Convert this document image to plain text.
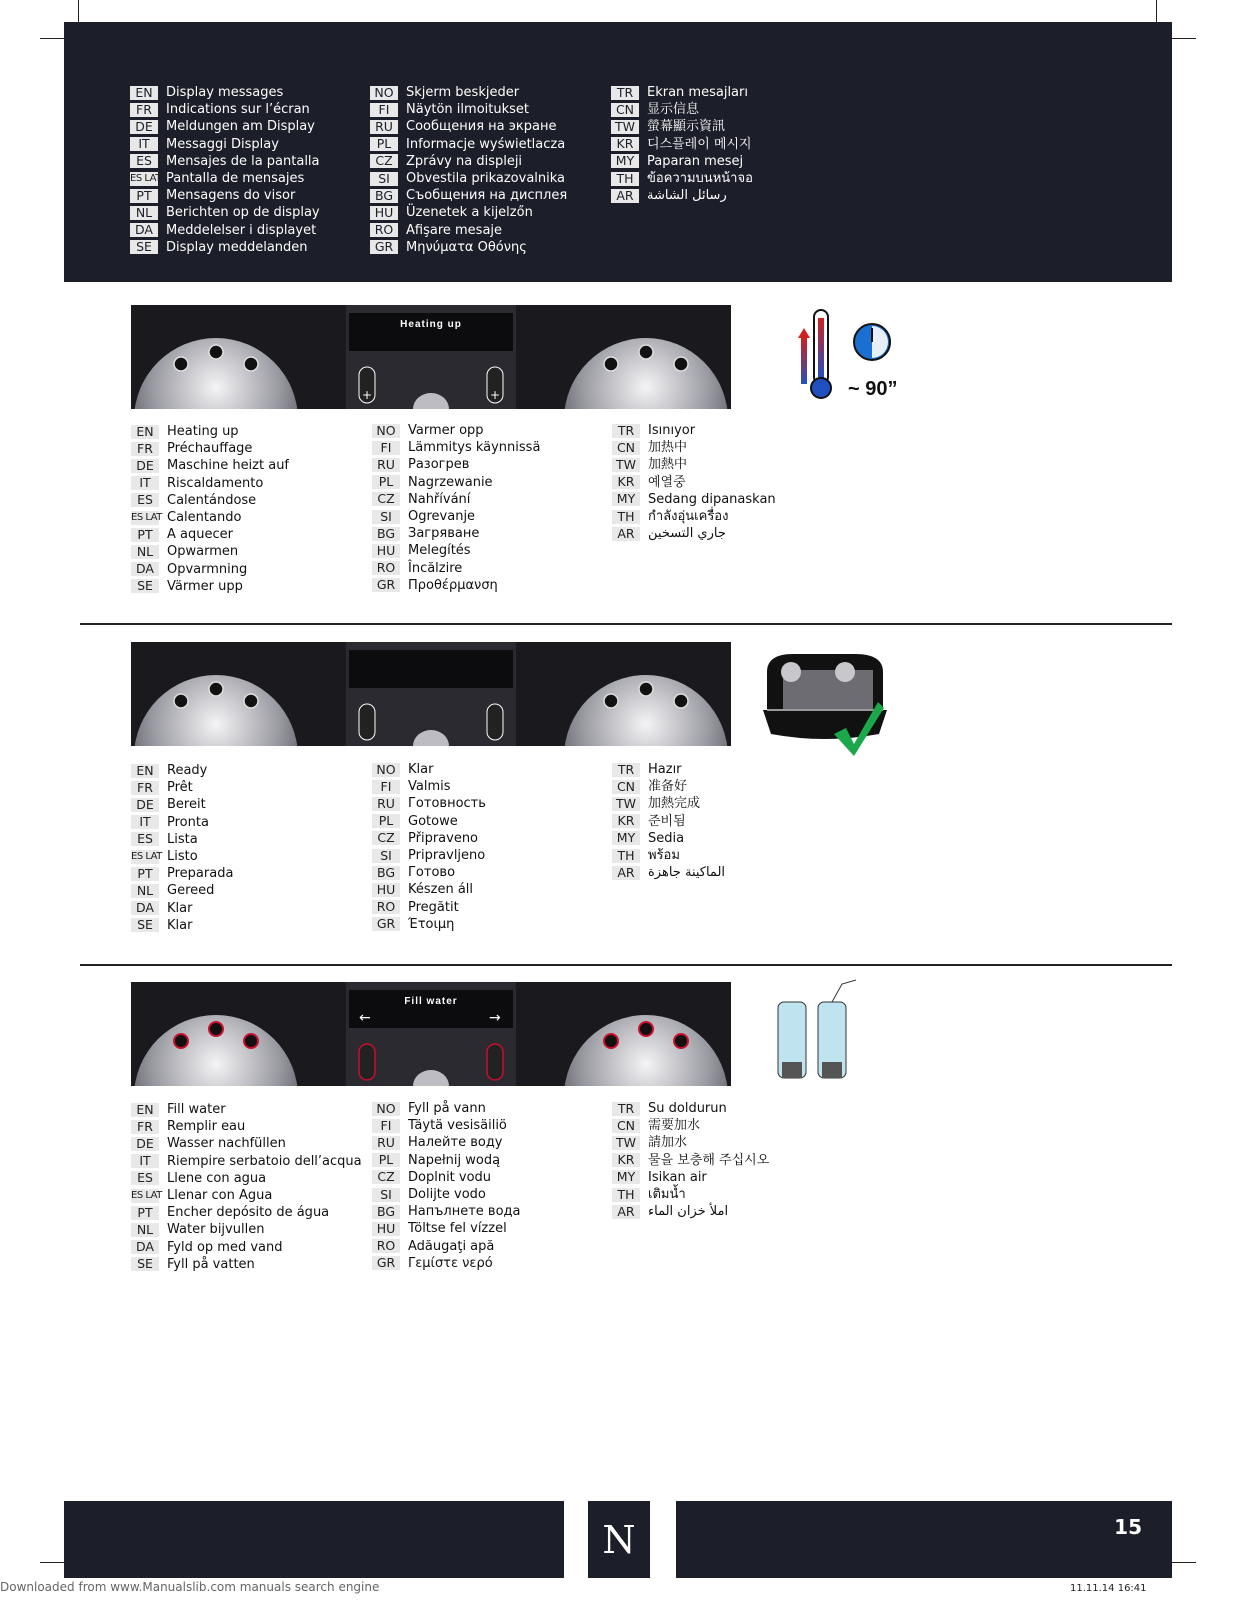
EN	Display messages
FR	Indications sur l’écran
DE	Meldungen am Display
IT	Messaggi Display
ES	Mensajes de la pantalla
ES LAT Pantalla de mensajes
PT	Mensagens do visor
NL	Berichten op de display
DA	Meddelelser i displayet
SE	Display meddelanden
NO Skjerm beskjeder
FI	Näytön ilmoitukset
RU	Сообщения на экране
PL	Informacje wyświetlacza
CZ	Zprávy na displeji
SI	Obvestila prikazovalnika
BG Съобщения на дисплея
HU Üzenetek a kijelzőn
RO Afişare mesaje
GR Μηνύματα Οθόνης
TR	Ekran mesajları
CN 显示信息
TW 螢幕顯示資訊
KR	디스플레이 메시지
MY Paparan mesej
TH	ข้อความบนหน้าจอ
AR	رسائل الشاشة
Heating up
+	+	~ 90”
EN	Heating up
FR	Préchauffage
DE	Maschine heizt auf
IT	Riscaldamento
ES	Calentándose
ES LAT Calentando
PT	A aquecer
NL	Opwarmen
DA	Opvarmning
SE	Värmer upp
NO Varmer opp
FI	Lämmitys käynnissä
RU	Разогрев
PL	Nagrzewanie
CZ	Nahřívání
SI	Ogrevanje
BG Загряване
HU Melegítés
RO Încălzire
GR Προθέρμανση
TR	Isınıyor
CN 加热中
TW 加熱中
KR	예열중
MY Sedang dipanaskan
TH	กำลังอุ่นเครื่อง
AR	جاري التسخين
EN	Ready
FR	Prêt
DE	Bereit
IT	Pronta
ES	Lista
ES LAT Listo
PT	Preparada
NL	Gereed
DA	Klar
SE	Klar
NO Klar
FI	Valmis
RU	Готовность
PL	Gotowe
CZ	Připraveno
SI	Pripravljeno
BG Готово
HU Készen áll
RO Pregătit
GR Έτοιμη
TR	Hazır
CN 准备好
TW 加熱完成
KR	준비됨
MY Sedia
TH	พร้อม
AR	الماكينة جاهزة
Fill water
←	→
EN	Fill water
FR	Remplir eau
DE	Wasser nachfüllen
IT	Riempire serbatoio dell’acqua
ES	Llene con agua
ES LAT Llenar con Agua
PT	Encher depósito de água
NL	Water bijvullen
DA	Fyld op med vand
SE	Fyll på vatten
NO Fyll på vann
FI	Täytä vesisäiliö
RU	Налейте воду
PL	Napełnij wodą
CZ	Doplnit vodu
SI	Dolijte vodo
BG Напълнете вода
HU Töltse fel vízzel
RO Adăugaţi apă
GR Γεμίστε νερό
TR	Su doldurun
CN 需要加水
TW 請加水
KR	물을 보충해 주십시오
MY Isikan air
TH	เติมน้ำ
AR	املأ خزان الماء
N	15
Downloaded from www.Manualslib.com manuals search engine	11.11.14 16:41
